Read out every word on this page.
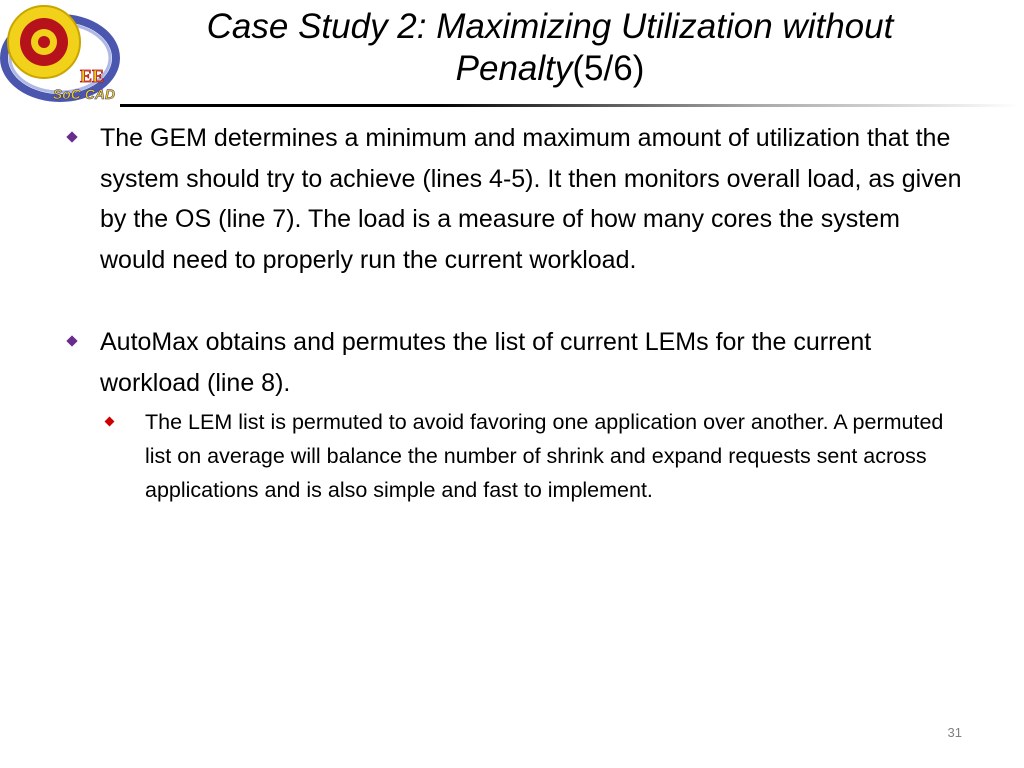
EE
SoC CAD
Case Study 2: Maximizing Utilization without Penalty(5/6)
The GEM determines a minimum and maximum amount of utilization that the system should try to achieve (lines 4-5). It then monitors overall load, as given by the OS (line 7). The load is a measure of how many cores the system would need to properly run the current workload.
AutoMax obtains and permutes the list of current LEMs for the current workload (line 8).
The LEM list is permuted to avoid favoring one application over another. A permuted list on average will balance the number of shrink and expand requests sent across applications and is also simple and fast to implement.
31
